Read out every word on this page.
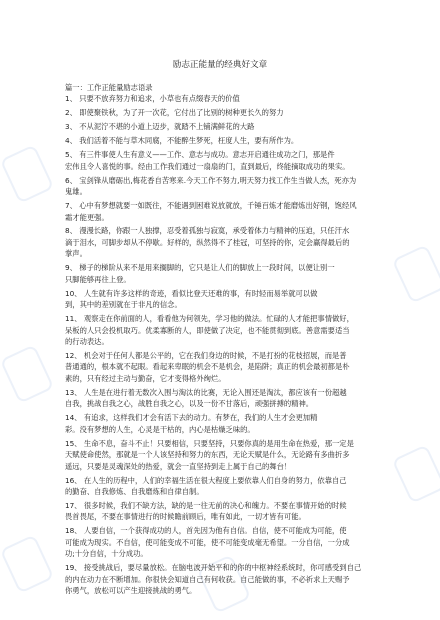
励志正能量的经典好文章
篇一：工作正能量励志语录
1、 只要不放弃努力和追求，小草也有点缀春天的价值
2、 即使聚铁秋，为了开一次花，它付出了比别的树种更长久的努力
3、 不从泥泞不堪的小道上迈步，就踏不上铺满鲜花的大路
4、 我们活着不能与草木同腐，不能醉生梦死，枉度人生，要有所作为。
5、 有三件事使人生有意义——工作、意志与成功。意志开启通往成功之门，那是件
宏伟且令人喜悦的事。经由工作我们通过一扇扇的门，直到最后，终能摘取成功的果实。
6、 宝剑锋从磨砺出,梅花香自苦寒来.今天工作不努力,明天努力找工作生当做人杰，死亦为
鬼雄。
7、 心中有梦想就要一如既往，不能遇到困难说放就放，千锤百炼才能磨炼出好钢，饱经风
霜才能更强。
8、 漫漫长路，你跟一人独撑，忍受着孤独与寂寞，承受着体力与精神的压迫，只任汗水
滴于泪水，可脚步却从不停歇。好样的，纵然得不了桂冠，可坚持的你，定会赢得最后的
掌声。
9、 梯子的梯阶从来不是用来搁脚的，它只是让人们的脚放上一段时间，以便让别一
只脚能够再往上登。
10、 人生就有许多这样的奇迹，看似比登天还难的事，有时轻而易举就可以做
到，其中的差别就在于非凡的信念。
11、 观察走在你前面的人，看看他为何领先，学习他的做法。忙碌的人才能把事情做好，
呆板的人只会投机取巧。优柔寡断的人，即使做了决定，也不能贯彻到底。善意需要适当
的行动表达。
12、 机会对于任何人都是公平的，它在我们身边的时候，不是打扮的花枝招展，而是普
普通通的，根本就不起眼。看起来卑眠的机会不是机会，是陷阱；真正的机会最初都是朴
素的，只有经过主动与勤奋，它才变得格外绚烂。
13、 人生是在进行着无数次入围与淘汰的比赛，无论入围还是淘汰，都应该有一份超越
自我，挑战自我之心，战胜自我之心，以及一份不甘落后，顽强拼搏的精神。
14、 有追求，这样我们才会有活下去的动力。有梦在，我们的人生才会更加精
彩。没有梦想的人生，心灵是干枯的，内心是枯燥乏味的。
15、 生命不息，奋斗不止！只要相信，只要坚持，只要你真的是用生命在热爱，那一定是
天赋使命使然，那就是一个人该坚持和努力的东西，无论天赋是什么，无论路有多曲折多
遥远，只要是灵魂深处的热爱，就会一直坚持到走上属于自己的舞台！
16、 在人生的历程中，人们的幸福生活在很大程度上要依靠人们自身的努力，依靠自己
的勤奋、自我修炼、自我磨炼和自律自制。
17、 很多时候，我们不缺方法，缺的是一往无前的决心和魄力。不要在事情开始的时候
畏首畏尾，不要在事情进行的时候瞻前顾后，唯有如此，一切才皆有可能。
18、 人要自信，一个获得成功的人，首先因为他有自信。自信，使不可能成为可能，使
可能成为现实。不自信，使可能变成不可能，使不可能变成毫无希望。一分自信，一分成
功;十分自信，十分成功。
19、 接受挑战后，要尽量放松。在脑电波开始平和的你的中枢神经系统时，你可感受到自己
的内在动力在不断增加。你很快会知道自己有何收获。自己能做的事，不必祈求上天赐予
你勇气，放松可以产生迎接挑战的勇气。
